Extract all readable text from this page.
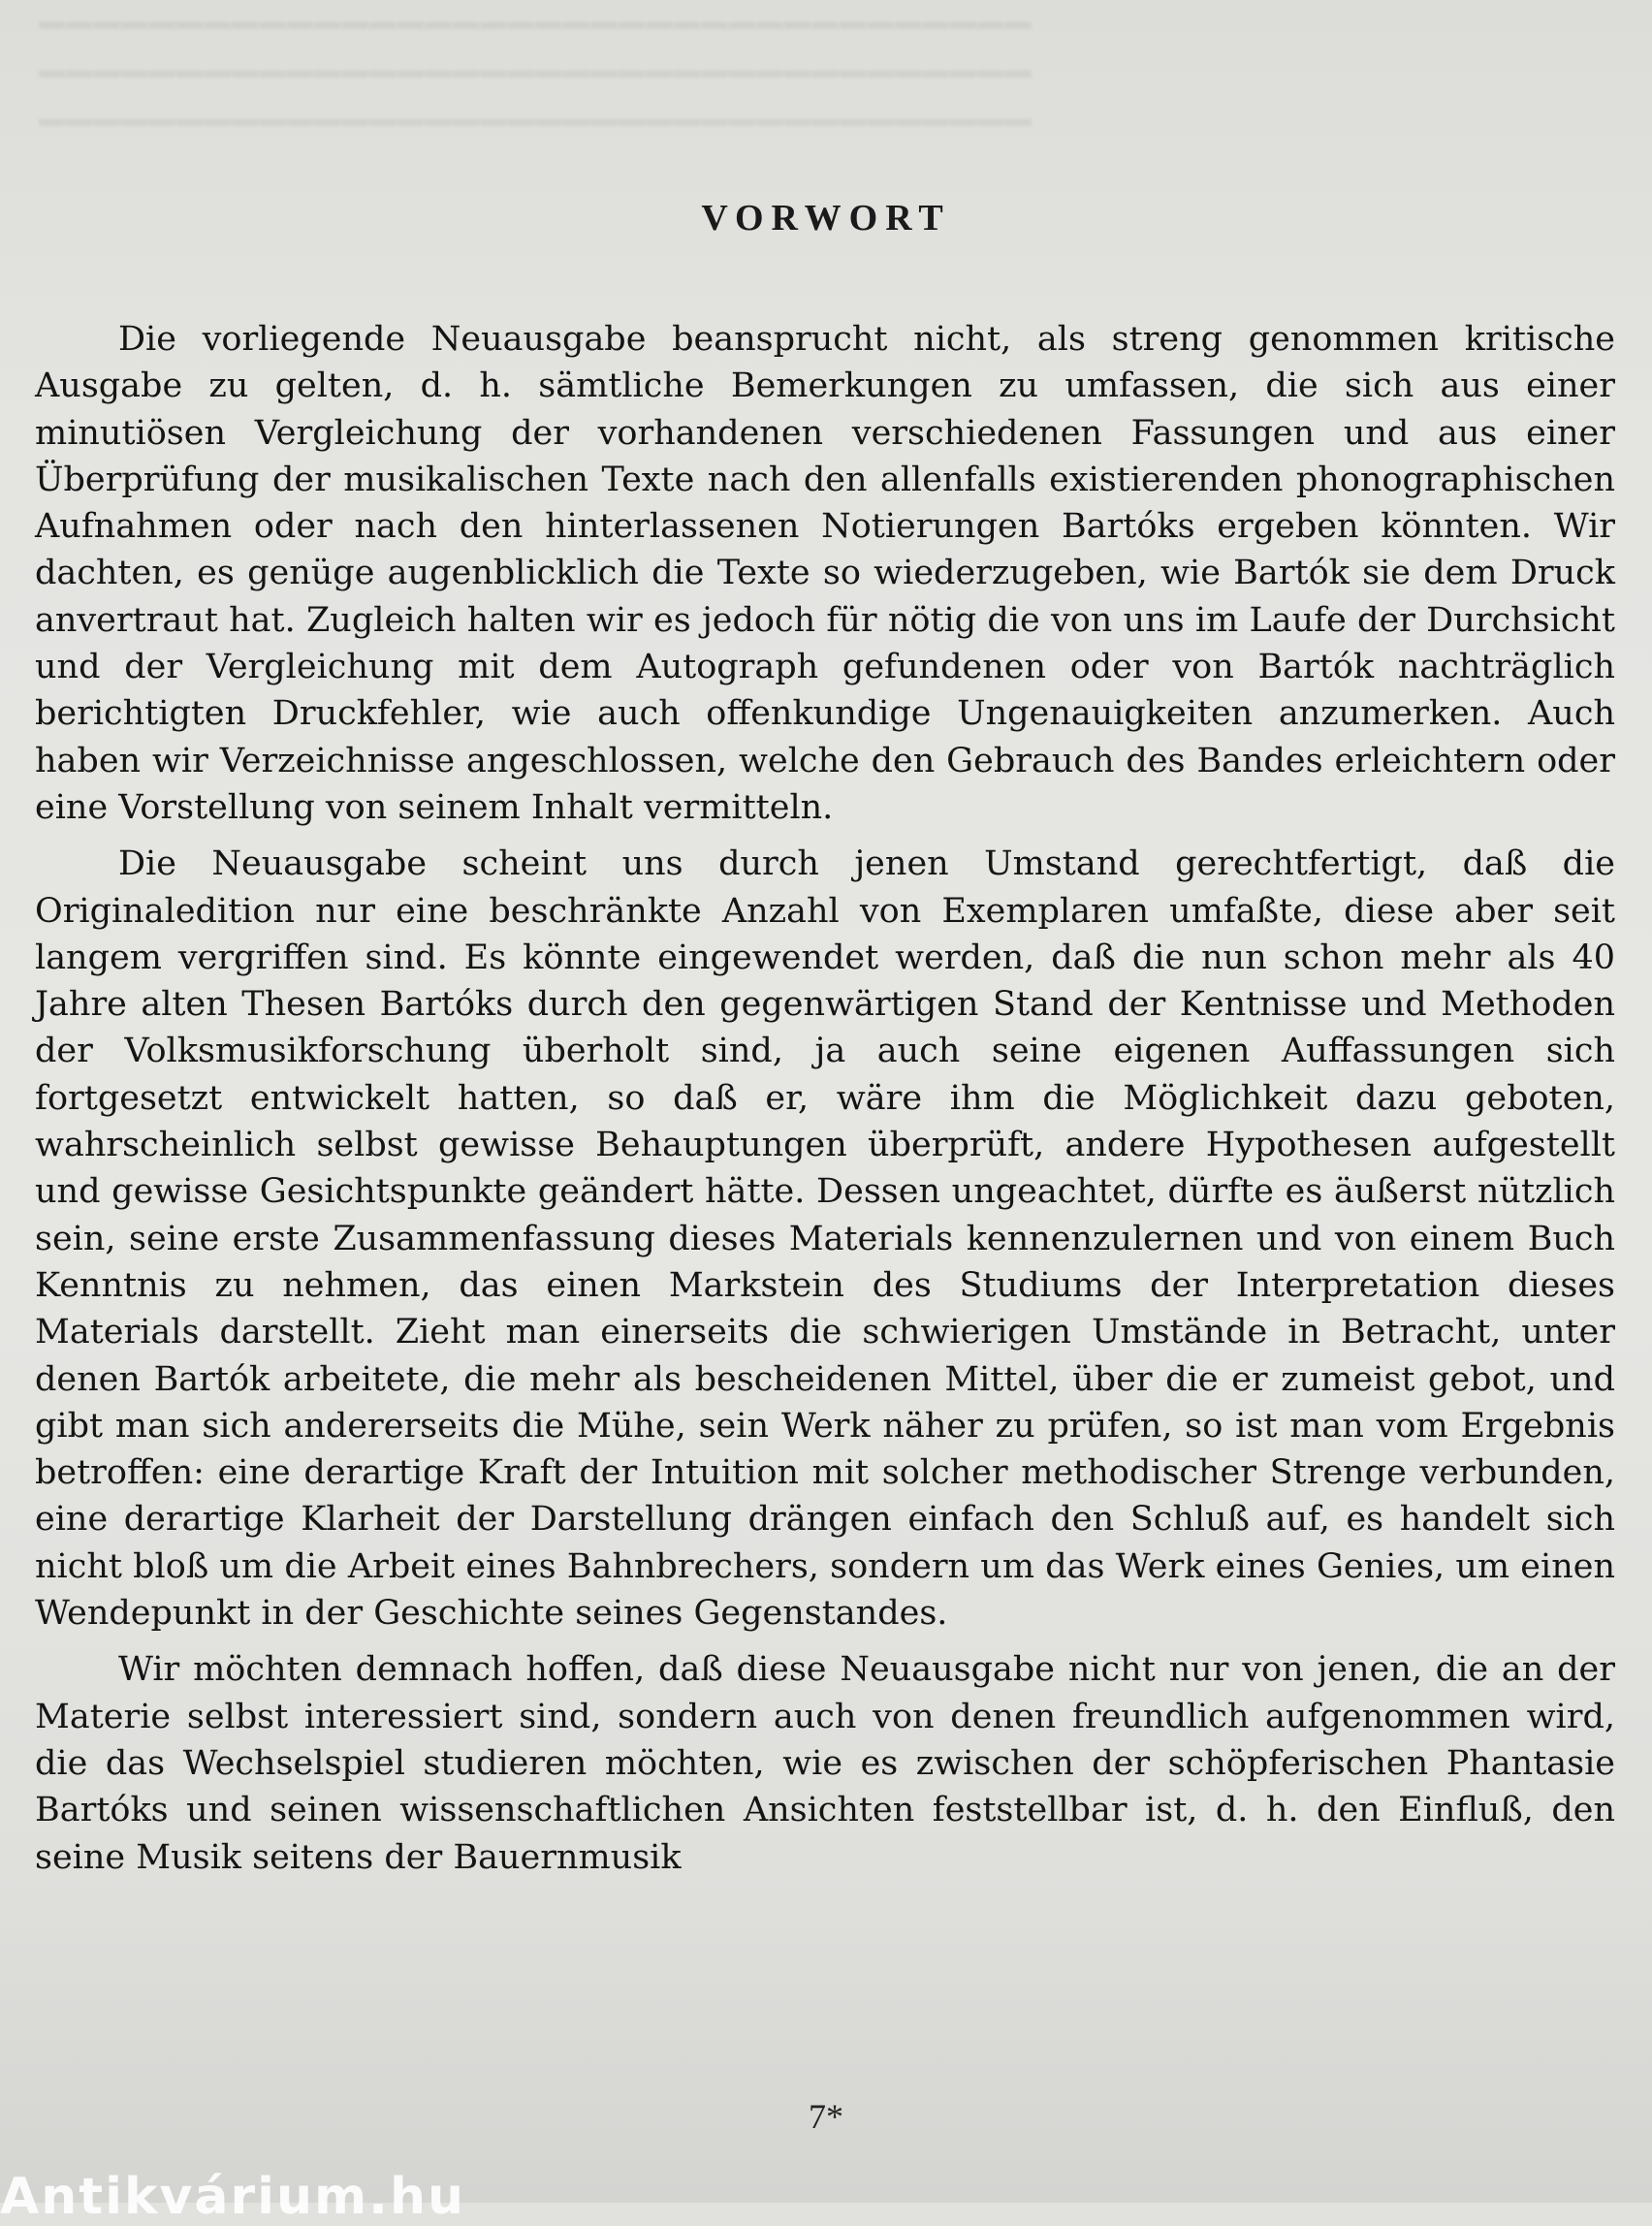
━━━━━━━━━━━━━━━━━━━━━━━━━━━━━━━━━━━━
━━━━━━━━━━━━━━━━━━━━━━━━━━━━━━━━━━━━
━━━━━━━━━━━━━━━━━━━━━━━━━━━━━━━━━━━━
VORWORT

Die vorliegende Neuausgabe beansprucht nicht, als streng genommen kritische Ausgabe zu gelten, d. h. sämtliche Bemerkungen zu umfassen, die sich aus einer minutiösen Vergleichung der vorhandenen verschiedenen Fassungen und aus einer Überprüfung der musikalischen Texte nach den allenfalls existierenden phonographischen Aufnahmen oder nach den hinterlassenen Notierungen Bartóks ergeben könnten. Wir dachten, es genüge augenblicklich die Texte so wiederzugeben, wie Bartók sie dem Druck anvertraut hat. Zugleich halten wir es jedoch für nötig die von uns im Laufe der Durchsicht und der Vergleichung mit dem Autograph gefundenen oder von Bartók nachträglich berichtigten Druckfehler, wie auch offenkundige Ungenauigkeiten anzumerken. Auch haben wir Verzeichnisse angeschlossen, welche den Gebrauch des Bandes erleichtern oder eine Vorstellung von seinem Inhalt vermitteln.

Die Neuausgabe scheint uns durch jenen Umstand gerechtfertigt, daß die Originaledition nur eine beschränkte Anzahl von Exemplaren umfaßte, diese aber seit langem vergriffen sind. Es könnte eingewendet werden, daß die nun schon mehr als 40 Jahre alten Thesen Bartóks durch den gegenwärtigen Stand der Kentnisse und Methoden der Volksmusikforschung überholt sind, ja auch seine eigenen Auffassungen sich fortgesetzt entwickelt hatten, so daß er, wäre ihm die Möglichkeit dazu geboten, wahrscheinlich selbst gewisse Behauptungen überprüft, andere Hypothesen aufgestellt und gewisse Gesichtspunkte geändert hätte. Dessen ungeachtet, dürfte es äußerst nützlich sein, seine erste Zusammenfassung dieses Materials kennenzulernen und von einem Buch Kenntnis zu nehmen, das einen Markstein des Studiums der Interpretation dieses Materials darstellt. Zieht man einerseits die schwierigen Umstände in Betracht, unter denen Bartók arbeitete, die mehr als bescheidenen Mittel, über die er zumeist gebot, und gibt man sich andererseits die Mühe, sein Werk näher zu prüfen, so ist man vom Ergebnis betroffen: eine derartige Kraft der Intuition mit solcher methodischer Strenge verbunden, eine derartige Klarheit der Darstellung drängen einfach den Schluß auf, es handelt sich nicht bloß um die Arbeit eines Bahnbrechers, sondern um das Werk eines Genies, um einen Wendepunkt in der Geschichte seines Gegenstandes.

Wir möchten demnach hoffen, daß diese Neuausgabe nicht nur von jenen, die an der Materie selbst interessiert sind, sondern auch von denen freundlich aufgenommen wird, die das Wechselspiel studieren möchten, wie es zwischen der schöpferischen Phantasie Bartóks und seinen wissenschaftlichen Ansichten feststellbar ist, d. h. den Einfluß, den seine Musik seitens der Bauernmusik

7*
Antikvárium.hu
